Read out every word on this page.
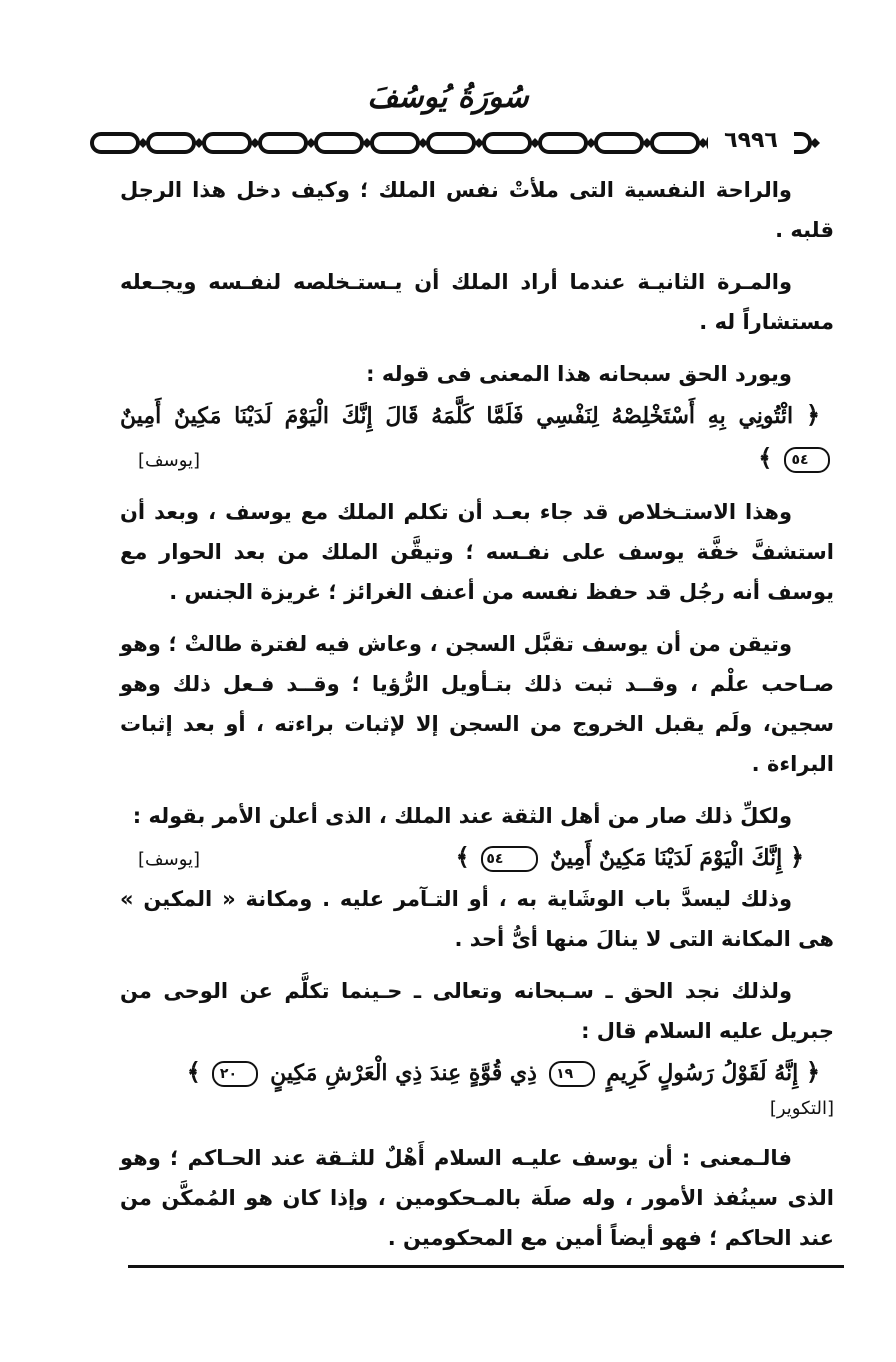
سُورَةُ يُوسُفَ
٦٩٩٦

والراحة النفسية التى ملأتْ نفس الملك ؛ وكيف دخل هذا الرجل قلبه .

والمـرة الثانيـة عندما أراد الملك أن يـستـخلصه لنفـسه ويجـعله مستشاراً له .

ويورد الحق سبحانه هذا المعنى فى قوله :

﴿ ائْتُونِي بِهِ أَسْتَخْلِصْهُ لِنَفْسِي فَلَمَّا كَلَّمَهُ قَالَ إِنَّكَ الْيَوْمَ لَدَيْنَا مَكِينٌ أَمِينٌ ٥٤ ﴾

[يوسف]

وهذا الاستـخلاص قد جاء بعـد أن تكلم الملك مع يوسف ، وبعد أن استشفَّ خفَّة يوسف على نفـسه ؛ وتيقَّن الملك من بعد الحوار مع يوسف أنه رجُل قد حفظ نفسه من أعنف الغرائز ؛ غريزة الجنس .

وتيقن من أن يوسف تقبَّل السجن ، وعاش فيه لفترة طالتْ ؛ وهو صـاحب علْم ، وقــد ثبت ذلك بتـأويل الرُّؤيا ؛ وقــد فـعل ذلك وهو سجين، ولَم يقبل الخروج من السجن إلا لإثبات براءته ، أو بعد إثبات البراءة .

ولكلِّ ذلك صار من أهل الثقة عند الملك ، الذى أعلن الأمر بقوله :

﴿ إِنَّكَ الْيَوْمَ لَدَيْنَا مَكِينٌ أَمِينٌ ٥٤ ﴾

[يوسف]

وذلك ليسدَّ باب الوشَاية به ، أو التـآمر عليه . ومكانة « المكين » هى المكانة التى لا ينالَ منها أىُّ أحد .

ولذلك نجد الحق ـ سـبحانه وتعالى ـ حـينما تكلَّم عن الوحى من جبريل عليه السلام قال :

﴿ إِنَّهُ لَقَوْلُ رَسُولٍ كَرِيمٍ ١٩ ذِي قُوَّةٍ عِندَ ذِي الْعَرْشِ مَكِينٍ ٢٠ ﴾

[التكوير]

فالـمعنى : أن يوسف عليـه السلام أَهْلٌ للثـقة عند الحـاكم ؛ وهو الذى سينُفذ الأمور ، وله صلَة بالمـحكومين ، وإذا كان هو المُمكَّن من عند الحاكم ؛ فهو أيضاً أمين مع المحكومين .
